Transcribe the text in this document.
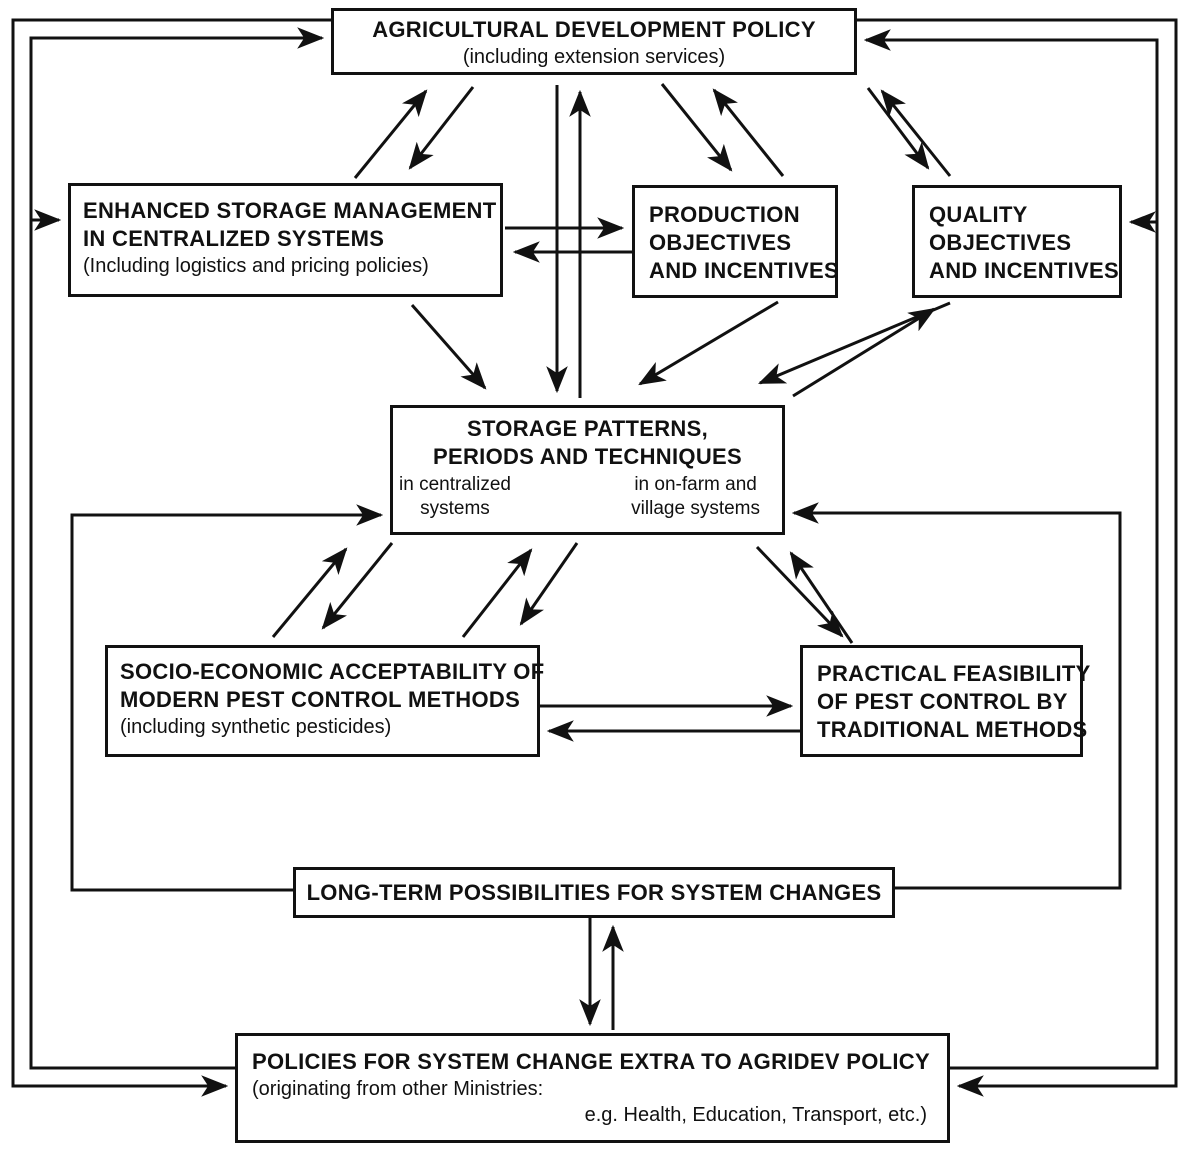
AGRICULTURAL DEVELOPMENT POLICY
(including extension services)
ENHANCED STORAGE MANAGEMENT
IN CENTRALIZED SYSTEMS
(Including logistics and pricing policies)
PRODUCTION
OBJECTIVES
AND INCENTIVES
QUALITY
OBJECTIVES
AND INCENTIVES
STORAGE PATTERNS,
PERIODS AND TECHNIQUES
in centralized
systems
in on-farm and
village systems
SOCIO-ECONOMIC ACCEPTABILITY OF
MODERN PEST CONTROL METHODS
(including synthetic pesticides)
PRACTICAL FEASIBILITY
OF PEST CONTROL BY
TRADITIONAL METHODS
LONG-TERM POSSIBILITIES FOR SYSTEM CHANGES
POLICIES FOR SYSTEM CHANGE EXTRA TO AGRIDEV POLICY
(originating from other Ministries:
e.g. Health, Education, Transport, etc.)
